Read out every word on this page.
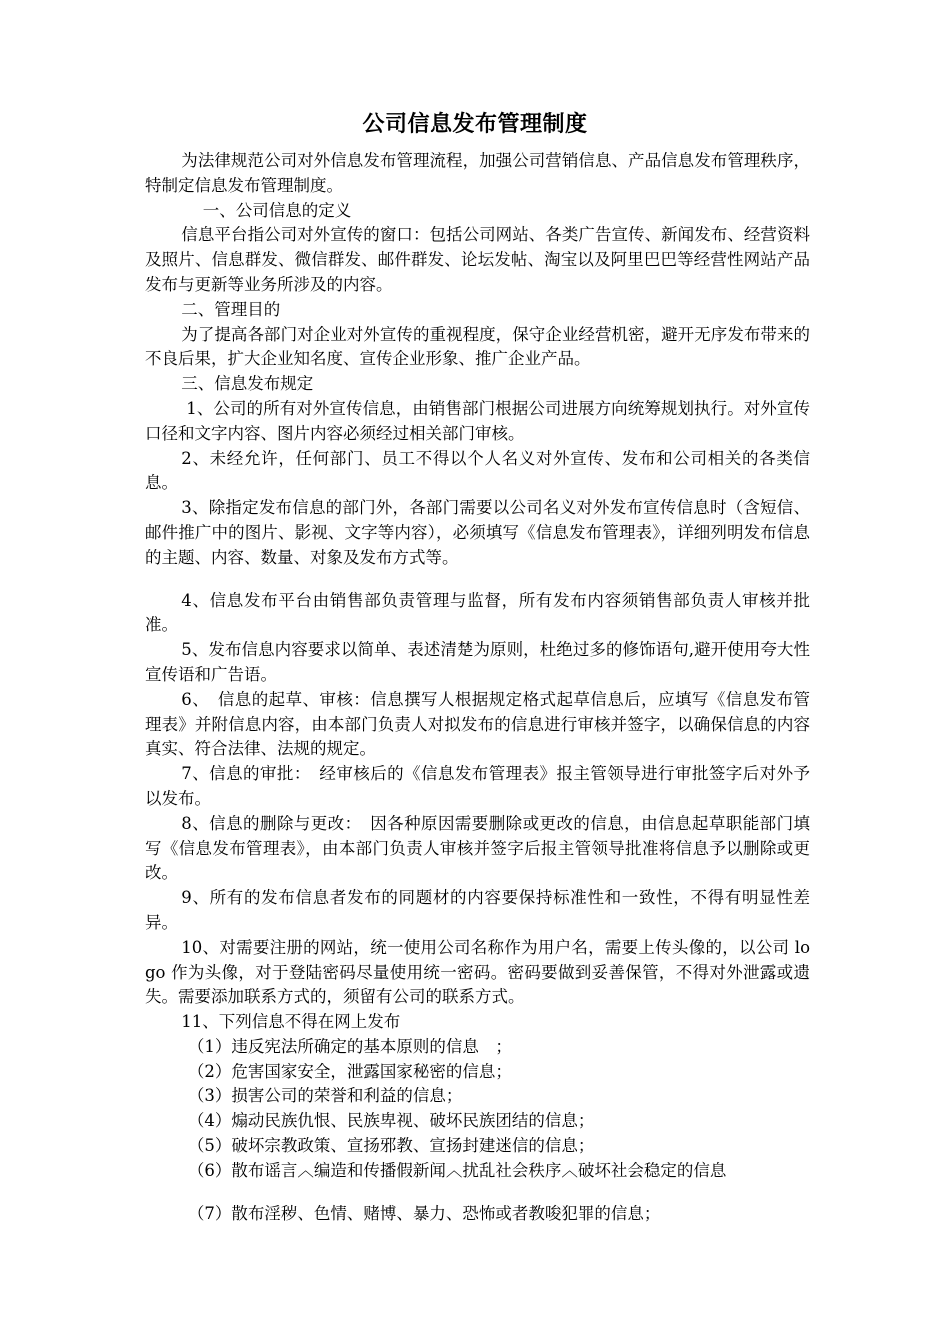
公司信息发布管理制度

为法律规范公司对外信息发布管理流程，加强公司营销信息、产品信息发布管理秩序，特制定信息发布管理制度。

一、公司信息的定义

信息平台指公司对外宣传的窗口：包括公司网站、各类广告宣传、新闻发布、经营资料及照片、信息群发、微信群发、邮件群发、论坛发帖、淘宝以及阿里巴巴等经营性网站产品发布与更新等业务所涉及的内容。

二、管理目的

为了提高各部门对企业对外宣传的重视程度，保守企业经营机密，避开无序发布带来的不良后果，扩大企业知名度、宣传企业形象、推广企业产品。

三、信息发布规定

1、公司的所有对外宣传信息，由销售部门根据公司进展方向统筹规划执行。对外宣传口径和文字内容、图片内容必须经过相关部门审核。

2、未经允许，任何部门、员工不得以个人名义对外宣传、发布和公司相关的各类信息。

3、除指定发布信息的部门外，各部门需要以公司名义对外发布宣传信息时（含短信、邮件推广中的图片、影视、文字等内容），必须填写《信息发布管理表》，详细列明发布信息的主题、内容、数量、对象及发布方式等。

4、信息发布平台由销售部负责管理与监督，所有发布内容须销售部负责人审核并批准。

5、发布信息内容要求以简单、表述清楚为原则，杜绝过多的修饰语句,避开使用夸大性宣传语和广告语。

6、　信息的起草、审核：信息撰写人根据规定格式起草信息后，应填写《信息发布管理表》并附信息内容，由本部门负责人对拟发布的信息进行审核并签字，以确保信息的内容真实、符合法律、法规的规定。

7、信息的审批：　经审核后的《信息发布管理表》报主管领导进行审批签字后对外予以发布。

8、信息的删除与更改：　因各种原因需要删除或更改的信息，由信息起草职能部门填写《信息发布管理表》，由本部门负责人审核并签字后报主管领导批准将信息予以删除或更改。

9、所有的发布信息者发布的同题材的内容要保持标准性和一致性，不得有明显性差异。

10、对需要注册的网站，统一使用公司名称作为用户名，需要上传头像的，以公司 logo 作为头像，对于登陆密码尽量使用统一密码。密码要做到妥善保管，不得对外泄露或遗失。需要添加联系方式的，须留有公司的联系方式。

11、下列信息不得在网上发布

（1）违反宪法所确定的基本原则的信息　；

（2）危害国家安全，泄露国家秘密的信息；

（3）损害公司的荣誉和利益的信息；

（4）煽动民族仇恨、民族卑视、破坏民族团结的信息；

（5）破坏宗教政策、宣扬邪教、宣扬封建迷信的信息；

（6）散布谣言︿编造和传播假新闻︿扰乱社会秩序︿破坏社会稳定的信息

（7）散布淫秽、色情、赌博、暴力、恐怖或者教唆犯罪的信息；
